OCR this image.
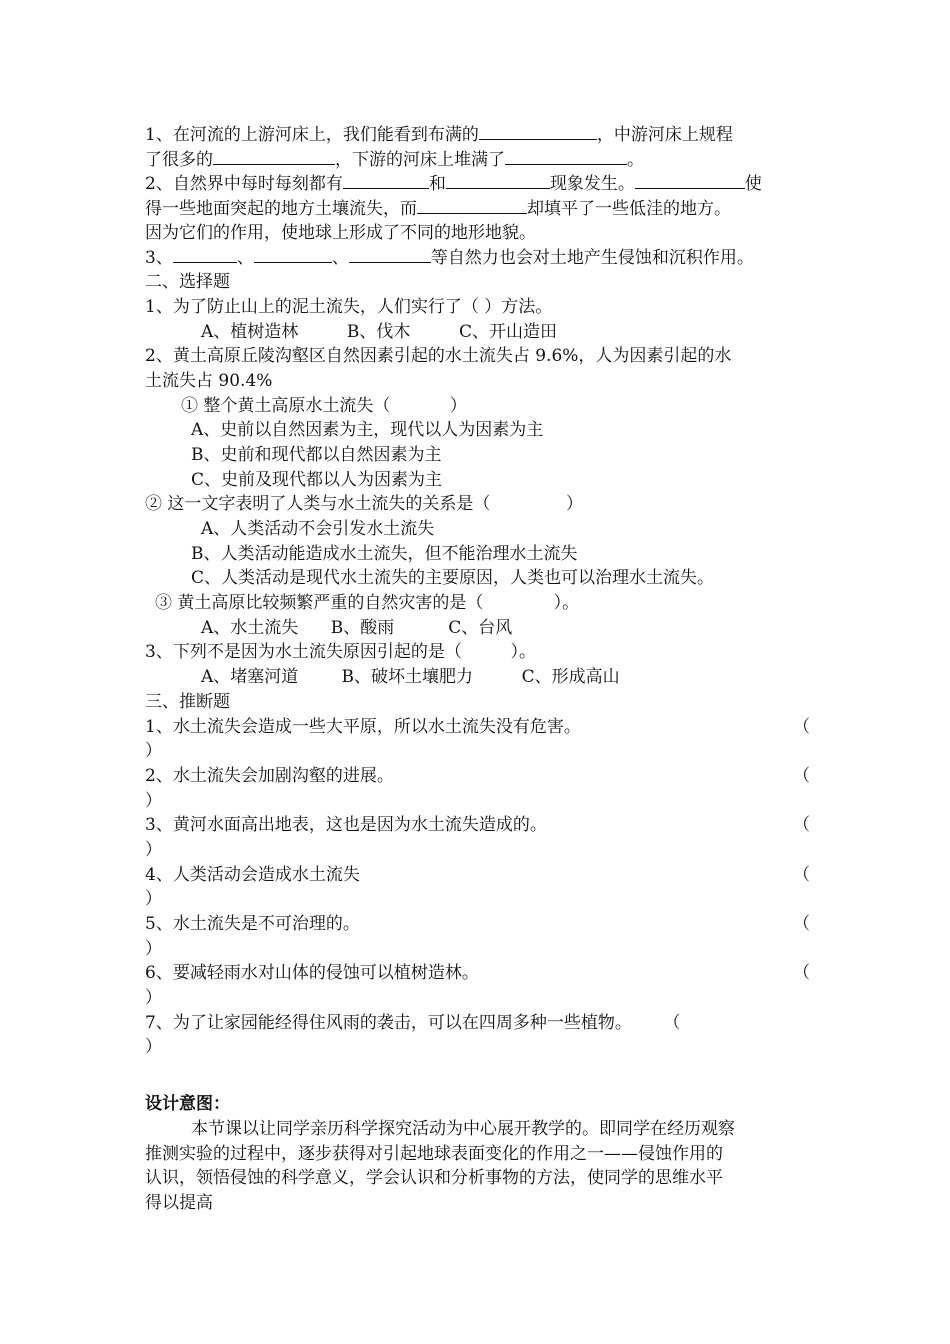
1、在河流的上游河床上，我们能看到布满的	，中游河床上规程
了很多的	，下游的河床上堆满了	。
2、自然界中每时每刻都有	和	现象发生。	使
得一些地面突起的地方土壤流失，而	却填平了一些低洼的地方。
因为它们的作用，使地球上形成了不同的地形地貌。
3、	、	、	等自然力也会对土地产生侵蚀和沉积作用。
二、选择题
1、为了防止山上的泥土流失，人们实行了（ ）方法。
A、植树造林         B、伐木         C、开山造田
2、黄土高原丘陵沟壑区自然因素引起的水土流失占 9.6%，人为因素引起的水
土流失占 90.4%
① 整个黄土高原水土流失（           ）
A、史前以自然因素为主，现代以人为因素为主
B、史前和现代都以自然因素为主
C、史前及现代都以人为因素为主
② 这一文字表明了人类与水土流失的关系是（              ）
A、人类活动不会引发水土流失
B、人类活动能造成水土流失，但不能治理水土流失
C、人类活动是现代水土流失的主要原因，人类也可以治理水土流失。
③ 黄土高原比较频繁严重的自然灾害的是（             ）。
A、水土流失      B、酸雨          C、台风
3、下列不是因为水土流失原因引起的是（         ）。
A、堵塞河道        B、破坏土壤肥力         C、形成高山
三、推断题
1、水土流失会造成一些大平原，所以水土流失没有危害。	（
）
2、水土流失会加剧沟壑的进展。	（
）
3、黄河水面高出地表，这也是因为水土流失造成的。	（
）
4、人类活动会造成水土流失	（
）
5、水土流失是不可治理的。	（
）
6、要减轻雨水对山体的侵蚀可以植树造林。	（
）
7、为了让家园能经得住风雨的袭击，可以在四周多种一些植物。 （
）
设计意图：
本节课以让同学亲历科学探究活动为中心展开教学的。即同学在经历观察
推测实验的过程中，逐步获得对引起地球表面变化的作用之一——侵蚀作用的
认识，领悟侵蚀的科学意义，学会认识和分析事物的方法，使同学的思维水平
得以提高
